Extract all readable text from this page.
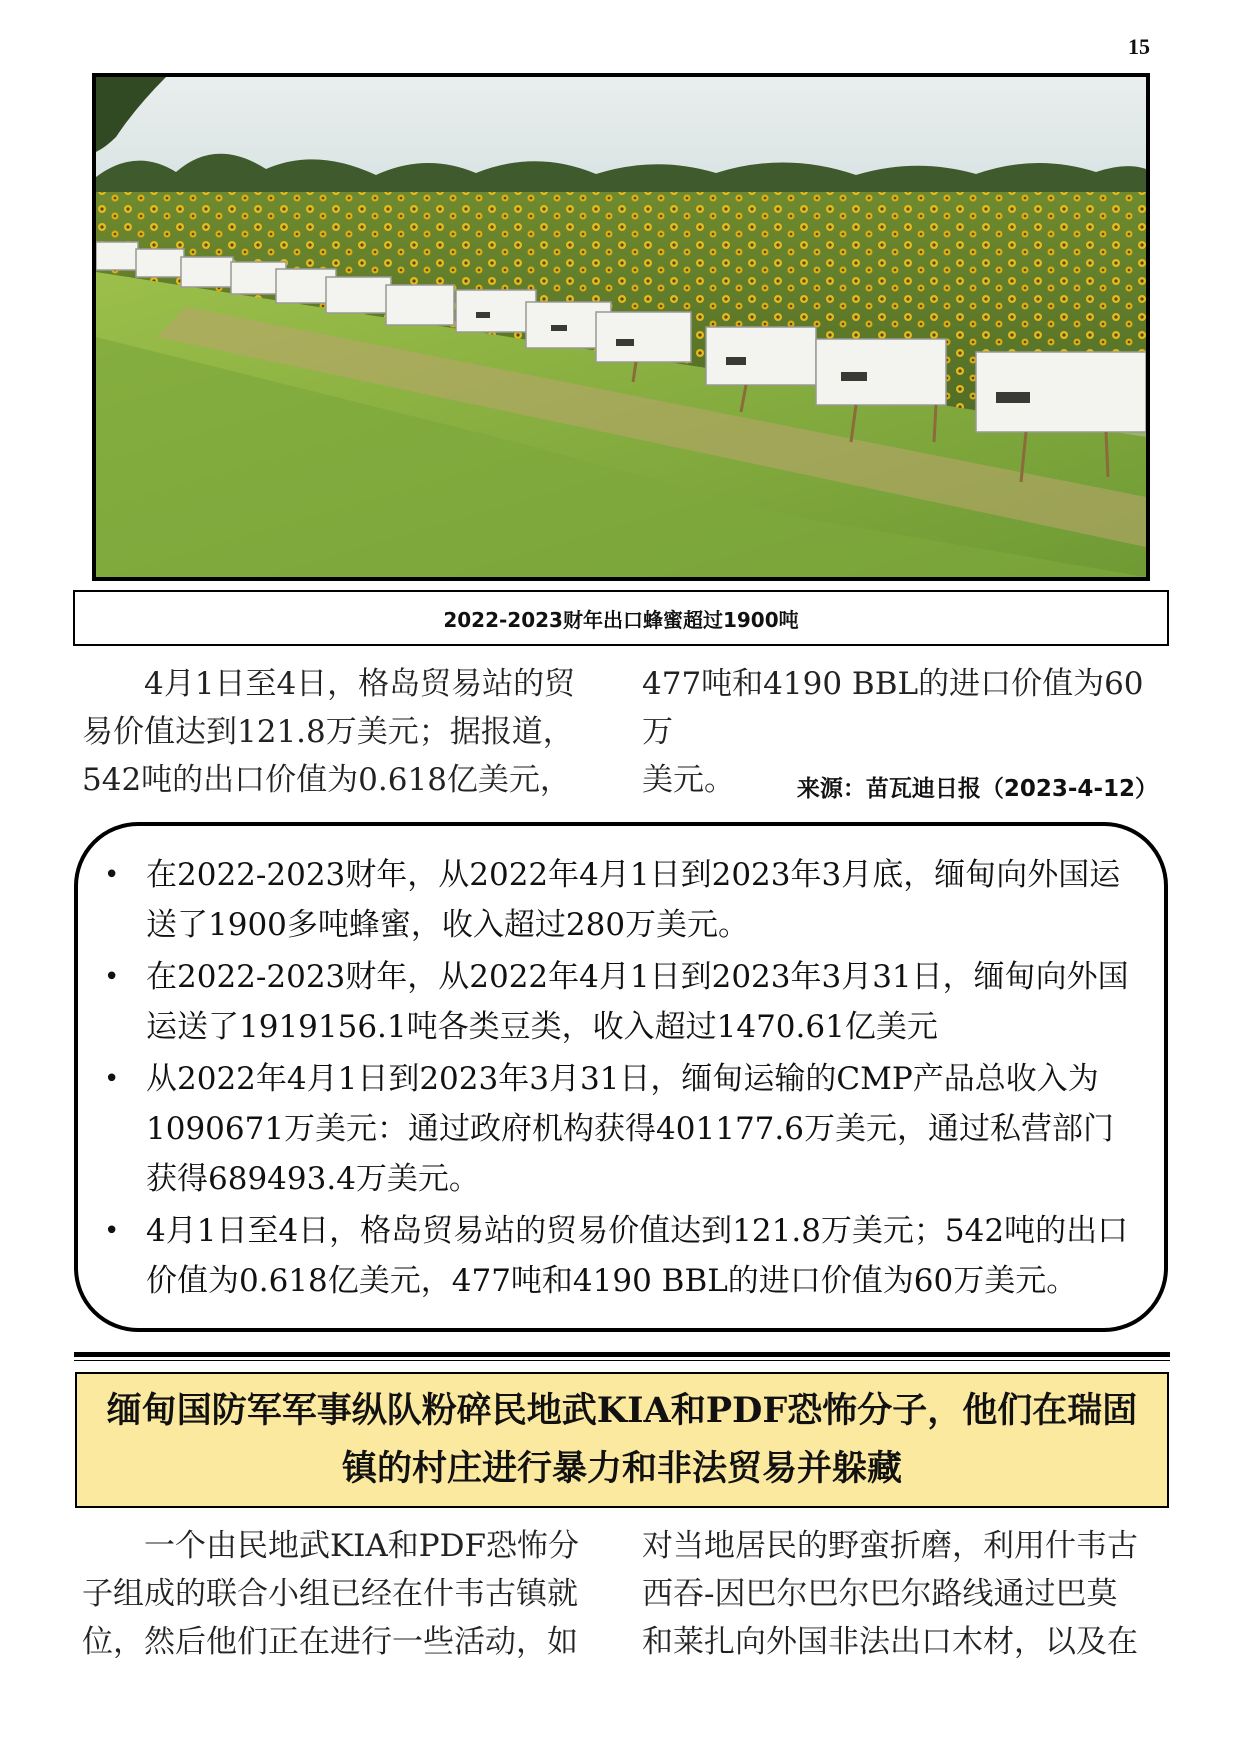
15
2022-2023财年出口蜂蜜超过1900吨

4月1日至4日，格岛贸易站的贸

易价值达到121.8万美元；据报道，

542吨的出口价值为0.618亿美元，

477吨和4190 BBL的进口价值为60万

美元。	来源：苗瓦迪日报（2023-4-12）
• 在2022-2023财年，从2022年4月1日到2023年3月底，缅甸向外国运送了1900多吨蜂蜜，收入超过280万美元。
• 在2022-2023财年，从2022年4月1日到2023年3月31日，缅甸向外国运送了1919156.1吨各类豆类，收入超过1470.61亿美元
• 从2022年4月1日到2023年3月31日，缅甸运输的CMP产品总收入为1090671万美元：通过政府机构获得401177.6万美元，通过私营部门获得689493.4万美元。
• 4月1日至4日，格岛贸易站的贸易价值达到121.8万美元；542吨的出口价值为0.618亿美元，477吨和4190 BBL的进口价值为60万美元。
缅甸国防军军事纵队粉碎民地武KIA和PDF恐怖分子，他们在瑞固镇的村庄进行暴力和非法贸易并躲藏

一个由民地武KIA和PDF恐怖分

子组成的联合小组已经在什韦古镇就

位，然后他们正在进行一些活动，如

对当地居民的野蛮折磨，利用什韦古

西吞-因巴尔巴尔巴尔路线通过巴莫

和莱扎向外国非法出口木材，以及在
